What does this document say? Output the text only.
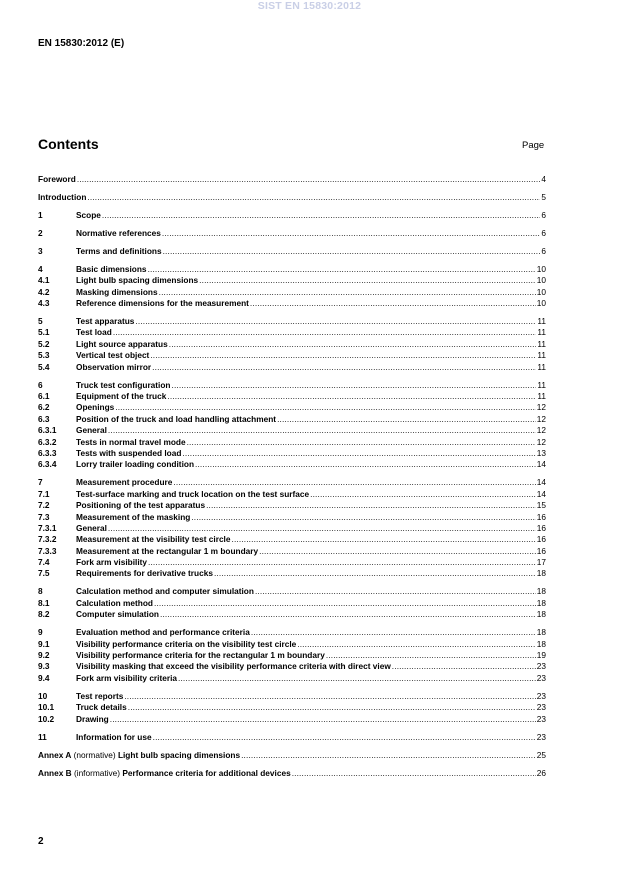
SIST EN 15830:2012
EN 15830:2012 (E)
Contents	Page
Foreword .....	4
Introduction .....	5
1	Scope .....	6
2	Normative references .....	6
3	Terms and definitions .....	6
4	Basic dimensions .....	10
4.1	Light bulb spacing dimensions .....	10
4.2	Masking dimensions .....	10
4.3	Reference dimensions for the measurement .....	10
5	Test apparatus .....	11
5.1	Test load .....	11
5.2	Light source apparatus .....	11
5.3	Vertical test object .....	11
5.4	Observation mirror .....	11
6	Truck test configuration .....	11
6.1	Equipment of the truck .....	11
6.2	Openings .....	12
6.3	Position of the truck and load handling attachment .....	12
6.3.1	General .....	12
6.3.2	Tests in normal travel mode .....	12
6.3.3	Tests with suspended load .....	13
6.3.4	Lorry trailer loading condition .....	14
7	Measurement procedure .....	14
7.1	Test-surface marking and truck location on the test surface .....	14
7.2	Positioning of the test apparatus .....	15
7.3	Measurement of the masking .....	16
7.3.1	General .....	16
7.3.2	Measurement at the visibility test circle .....	16
7.3.3	Measurement at the rectangular 1 m boundary .....	16
7.4	Fork arm visibility .....	17
7.5	Requirements for derivative trucks .....	18
8	Calculation method and computer simulation .....	18
8.1	Calculation method .....	18
8.2	Computer simulation .....	18
9	Evaluation method and performance criteria .....	18
9.1	Visibility performance criteria on the visibility test circle .....	18
9.2	Visibility performance criteria for the rectangular 1 m boundary .....	19
9.3	Visibility masking that exceed the visibility performance criteria with direct view .....	23
9.4	Fork arm visibility criteria .....	23
10	Test reports .....	23
10.1	Truck details .....	23
10.2	Drawing .....	23
11	Information for use .....	23
Annex A (normative) Light bulb spacing dimensions .....	25
Annex B (informative) Performance criteria for additional devices .....	26
2
